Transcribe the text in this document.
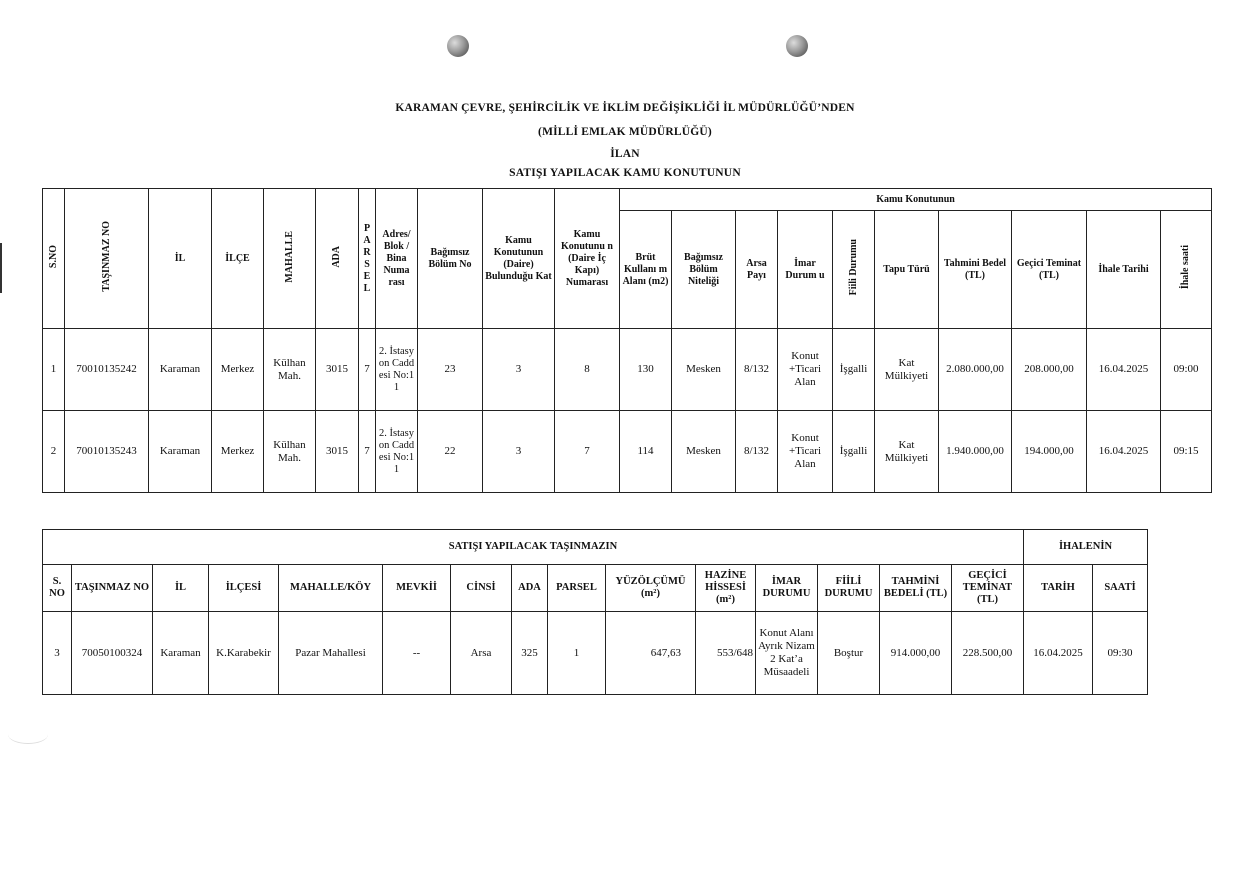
KARAMAN ÇEVRE, ŞEHİRCİLİK VE İKLİM DEĞİŞİKLİĞİ İL MÜDÜRLÜĞÜ’NDEN
(MİLLİ EMLAK MÜDÜRLÜĞÜ)
İLAN
SATIŞI YAPILACAK KAMU KONUTUNUN
S.NO	TAŞINMAZ NO	İL	İLÇE	MAHALLE	ADA	PARSEL	Adres/ Blok / Bina Numa rası	Bağımsız Bölüm No	Kamu Konutunun (Daire) Bulunduğu Kat	Kamu Konutunu n (Daire İç Kapı) Numarası	Kamu Konutunun									
											Brüt Kullanı m Alanı (m2)	Bağımsız Bölüm Niteliği	Arsa Payı	İmar Durum u	Fiili Durumu	Tapu Türü	Tahmini Bedel (TL)	Geçici Teminat (TL)	İhale Tarihi	İhale saati
1	70010135242	Karaman	Merkez	Külhan Mah.	3015	7	2. İstasyon Caddesi No:11	23	3	8	130	Mesken	8/132	Konut +Ticari Alan	İşgalli	Kat Mülkiyeti	2.080.000,00	208.000,00	16.04.2025	09:00
2	70010135243	Karaman	Merkez	Külhan Mah.	3015	7	2. İstasyon Caddesi No:11	22	3	7	114	Mesken	8/132	Konut +Ticari Alan	İşgalli	Kat Mülkiyeti	1.940.000,00	194.000,00	16.04.2025	09:15
SATIŞI YAPILACAK TAŞINMAZIN															İHALENİN	
S. NO	TAŞINMAZ NO	İL	İLÇESİ	MAHALLE/KÖY	MEVKİİ	CİNSİ	ADA	PARSEL	YÜZÖLÇÜMÜ (m²)	HAZİNE HİSSESİ (m²)	İMAR DURUMU	FİİLİ DURUMU	TAHMİNİ BEDELİ (TL)	GEÇİCİ TEMİNAT (TL)	TARİH	SAATİ
3	70050100324	Karaman	K.Karabekir	Pazar Mahallesi	--	Arsa	325	1	647,63	553/648	Konut Alanı Ayrık Nizam 2 Kat’a Müsaadeli	Boştur	914.000,00	228.500,00	16.04.2025	09:30
